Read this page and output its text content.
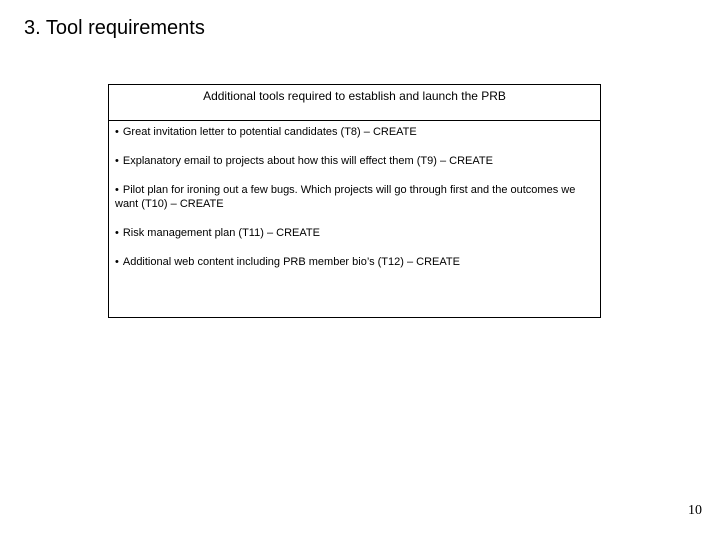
3. Tool requirements
Additional tools required to establish and launch the PRB

• Great invitation letter to potential candidates (T8) – CREATE

• Explanatory email to projects about how this will effect them (T9) – CREATE

• Pilot plan for ironing out a few bugs. Which projects will go through first and the outcomes we want (T10) – CREATE

• Risk management plan (T11) – CREATE

• Additional web content including PRB member bio’s (T12) – CREATE

10
